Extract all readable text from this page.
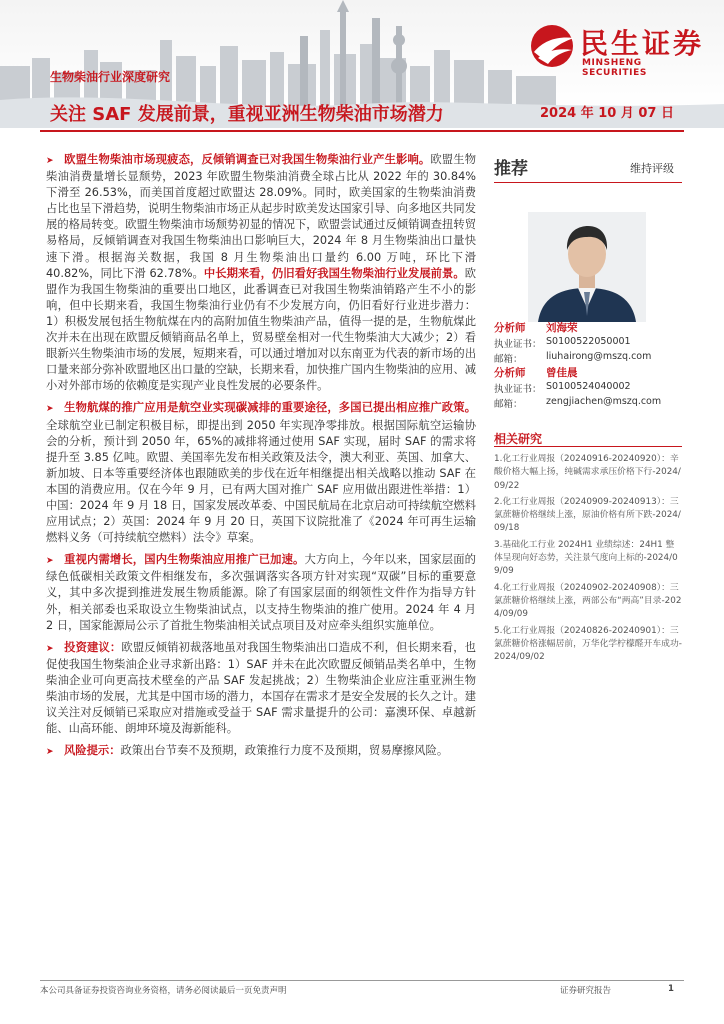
民生证券
MINSHENG SECURITIES
生物柴油行业深度研究
关注 SAF 发展前景，重视亚洲生物柴油市场潜力	2024 年 10 月 07 日

➤ 欧盟生物柴油市场现疲态，反倾销调查已对我国生物柴油行业产生影响。欧盟生物柴油消费量增长显颓势，2023 年欧盟生物柴油消费全球占比从 2022 年的 30.84%下滑至 26.53%，而美国首度超过欧盟达 28.09%。同时，欧美国家的生物柴油消费占比也呈下滑趋势，说明生物柴油市场正从起步时欧美发达国家引导、向多地区共同发展的格局转变。欧盟生物柴油市场颓势初显的情况下，欧盟尝试通过反倾销调查扭转贸易格局，反倾销调查对我国生物柴油出口影响巨大，2024 年 8 月生物柴油出口量快速下滑。根据海关数据，我国 8 月生物柴油出口量约 6.00 万吨，环比下滑 40.82%，同比下滑 62.78%。中长期来看，仍旧看好我国生物柴油行业发展前景。欧盟作为我国生物柴油的重要出口地区，此番调查已对我国生物柴油销路产生不小的影响，但中长期来看，我国生物柴油行业仍有不少发展方向，仍旧看好行业进步潜力：1）积极发展包括生物航煤在内的高附加值生物柴油产品，值得一提的是，生物航煤此次并未在出现在欧盟反倾销商品名单上，贸易壁垒相对一代生物柴油大大减少；2）看眼新兴生物柴油市场的发展，短期来看，可以通过增加对以东南亚为代表的新市场的出口量来部分弥补欧盟地区出口量的空缺，长期来看，加快推广国内生物柴油的应用、减小对外部市场的依赖度是实现产业良性发展的必要条件。

➤ 生物航煤的推广应用是航空业实现碳减排的重要途径，多国已提出相应推广政策。全球航空业已制定积极目标，即提出到 2050 年实现净零排放。根据国际航空运输协会的分析，预计到 2050 年，65%的减排将通过使用 SAF 实现，届时 SAF 的需求将提升至 3.85 亿吨。欧盟、美国率先发布相关政策及法令，澳大利亚、英国、加拿大、新加坡、日本等重要经济体也跟随欧美的步伐在近年相继提出相关战略以推动 SAF 在本国的消费应用。仅在今年 9 月，已有两大国对推广 SAF 应用做出跟进性举措：1）中国：2024 年 9 月 18 日，国家发展改革委、中国民航局在北京启动可持续航空燃料应用试点；2）英国：2024 年 9 月 20 日，英国下议院批准了《2024 年可再生运输燃料义务（可持续航空燃料）法令》草案。

➤ 重视内需增长，国内生物柴油应用推广已加速。大方向上，今年以来，国家层面的绿色低碳相关政策文件相继发布，多次强调落实各项方针对实现“双碳”目标的重要意义，其中多次提到推进发展生物质能源。除了有国家层面的纲领性文件作为指导方针外，相关部委也采取设立生物柴油试点，以支持生物柴油的推广使用。2024 年 4 月 2 日，国家能源局公示了首批生物柴油相关试点项目及对应牵头组织实施单位。

➤ 投资建议：欧盟反倾销初裁落地虽对我国生物柴油出口造成不利，但长期来看，也促使我国生物柴油企业寻求新出路：1）SAF 并未在此次欧盟反倾销品类名单中，生物柴油企业可向更高技术壁垒的产品 SAF 发起挑战；2）生物柴油企业应注重亚洲生物柴油市场的发展，尤其是中国市场的潜力，本国存在需求才是安全发展的长久之计。建议关注对反倾销已采取应对措施或受益于 SAF 需求量提升的公司：嘉澳环保、卓越新能、山高环能、朗坤环境及海新能科。

➤ 风险提示：政策出台节奏不及预期，政策推行力度不及预期，贸易摩擦风险。

推荐	维持评级
分析师 刘海荣
执业证书： S0100522050001
邮箱： liuhairong@mszq.com
分析师 曾佳晨
执业证书： S0100524040002
邮箱： zengjiachen@mszq.com
相关研究
1.化工行业周报（20240916-20240920）：辛酸价格大幅上扬，纯碱需求承压价格下行-2024/09/22
2.化工行业周报（20240909-20240913）：三氯蔗糖价格继续上涨，原油价格有所下跌-2024/09/18
3.基础化工行业 2024H1 业绩综述：24H1 整体呈现向好态势，关注景气度向上标的-2024/09/09
4.化工行业周报（20240902-20240908）：三氯蔗糖价格继续上涨，两部公布“两高”目录-2024/09/09
5.化工行业周报（20240826-20240901）：三氯蔗糖价格涨幅居前，万华化学柠檬醛开车成功-2024/09/02
本公司具备证券投资咨询业务资格，请务必阅读最后一页免责声明	证券研究报告	1
